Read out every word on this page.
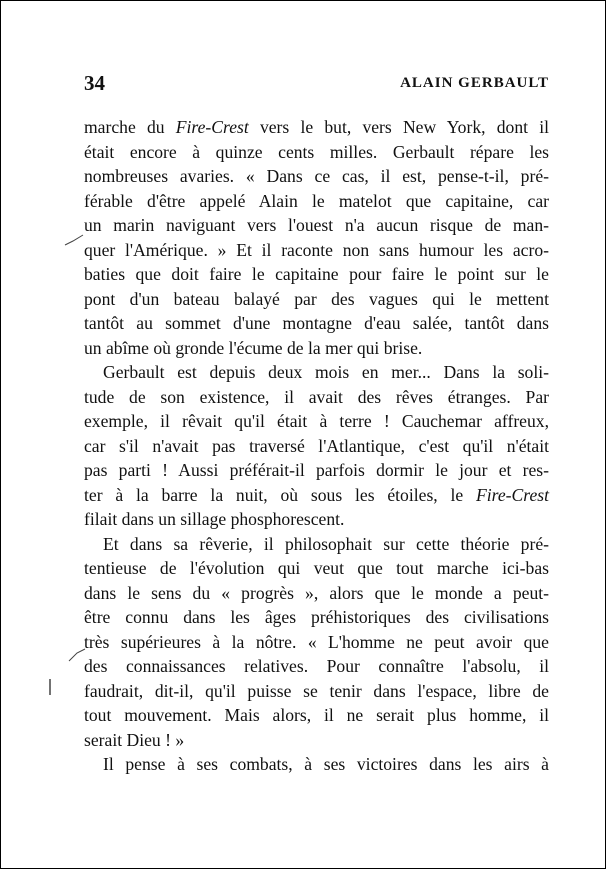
34	ALAIN GERBAULT
marche du Fire-Crest vers le but, vers New York, dont il
était encore à quinze cents milles. Gerbault répare les
nombreuses avaries. « Dans ce cas, il est, pense-t-il, pré-
férable d'être appelé Alain le matelot que capitaine, car
un marin naviguant vers l'ouest n'a aucun risque de man-
quer l'Amérique. » Et il raconte non sans humour les acro-
baties que doit faire le capitaine pour faire le point sur le
pont d'un bateau balayé par des vagues qui le mettent
tantôt au sommet d'une montagne d'eau salée, tantôt dans
un abîme où gronde l'écume de la mer qui brise.
Gerbault est depuis deux mois en mer... Dans la soli-
tude de son existence, il avait des rêves étranges. Par
exemple, il rêvait qu'il était à terre ! Cauchemar affreux,
car s'il n'avait pas traversé l'Atlantique, c'est qu'il n'était
pas parti ! Aussi préférait-il parfois dormir le jour et res-
ter à la barre la nuit, où sous les étoiles, le Fire-Crest
filait dans un sillage phosphorescent.
Et dans sa rêverie, il philosophait sur cette théorie pré-
tentieuse de l'évolution qui veut que tout marche ici-bas
dans le sens du « progrès », alors que le monde a peut-
être connu dans les âges préhistoriques des civilisations
très supérieures à la nôtre. « L'homme ne peut avoir que
des connaissances relatives. Pour connaître l'absolu, il
faudrait, dit-il, qu'il puisse se tenir dans l'espace, libre de
tout mouvement. Mais alors, il ne serait plus homme, il
serait Dieu ! »
Il pense à ses combats, à ses victoires dans les airs à
